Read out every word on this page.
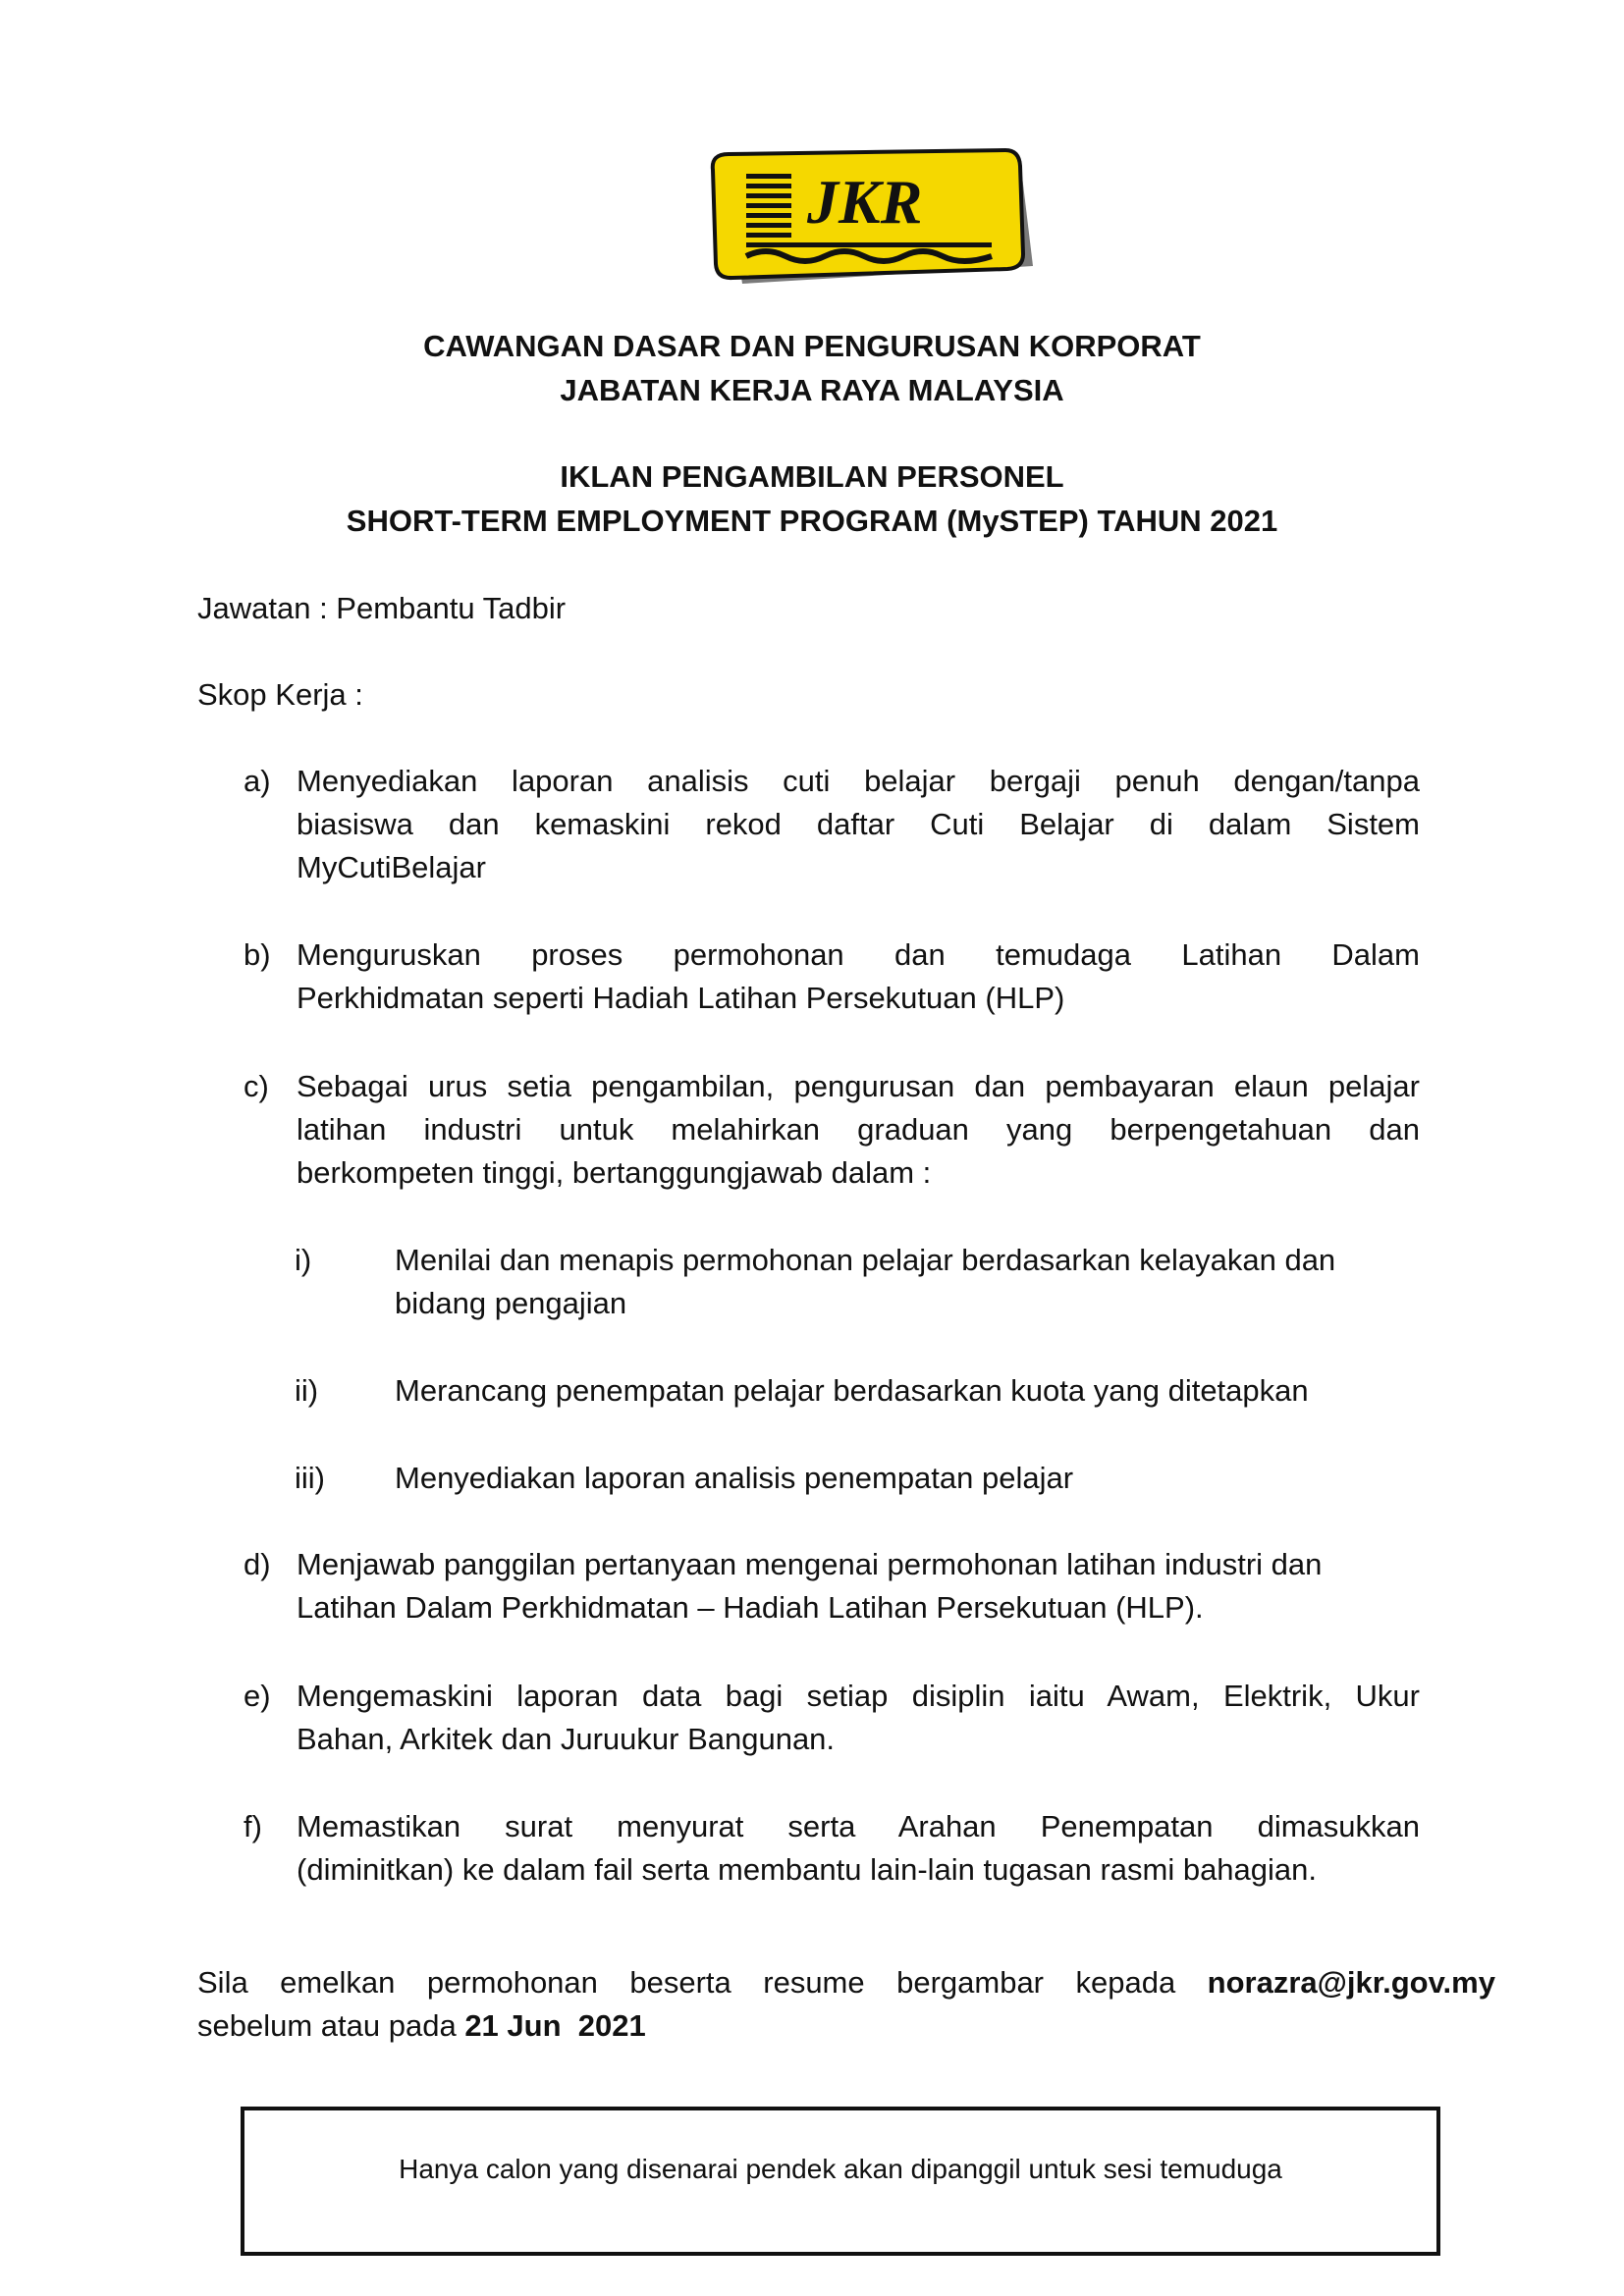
JKR

CAWANGAN DASAR DAN PENGURUSAN KORPORAT

JABATAN KERJA RAYA MALAYSIA

IKLAN PENGAMBILAN PERSONEL

SHORT-TERM EMPLOYMENT PROGRAM (MySTEP) TAHUN 2021

Jawatan : Pembantu Tadbir

Skop Kerja :

a) Menyediakan laporan analisis cuti belajar bergaji penuh dengan/tanpa
biasiswa dan kemaskini rekod daftar Cuti Belajar di dalam Sistem
MyCutiBelajar
b) Menguruskan proses permohonan dan temudaga Latihan Dalam
Perkhidmatan seperti Hadiah Latihan Persekutuan (HLP)
c) Sebagai urus setia pengambilan, pengurusan dan pembayaran elaun pelajar
latihan industri untuk melahirkan graduan yang berpengetahuan dan
berkompeten tinggi, bertanggungjawab dalam :
i)	Menilai dan menapis permohonan pelajar berdasarkan kelayakan dan
bidang pengajian
ii)	Merancang penempatan pelajar berdasarkan kuota yang ditetapkan
iii) Menyediakan laporan analisis penempatan pelajar
d) Menjawab panggilan pertanyaan mengenai permohonan latihan industri dan
Latihan Dalam Perkhidmatan – Hadiah Latihan Persekutuan (HLP).
e) Mengemaskini laporan data bagi setiap disiplin iaitu Awam, Elektrik, Ukur
Bahan, Arkitek dan Juruukur Bangunan.
f) Memastikan surat menyurat serta Arahan Penempatan dimasukkan
(diminitkan) ke dalam fail serta membantu lain-lain tugasan rasmi bahagian.
Sila emelkan permohonan beserta resume bergambar kepada norazra@jkr.gov.my
sebelum atau pada 21 Jun  2021
Hanya calon yang disenarai pendek akan dipanggil untuk sesi temuduga
